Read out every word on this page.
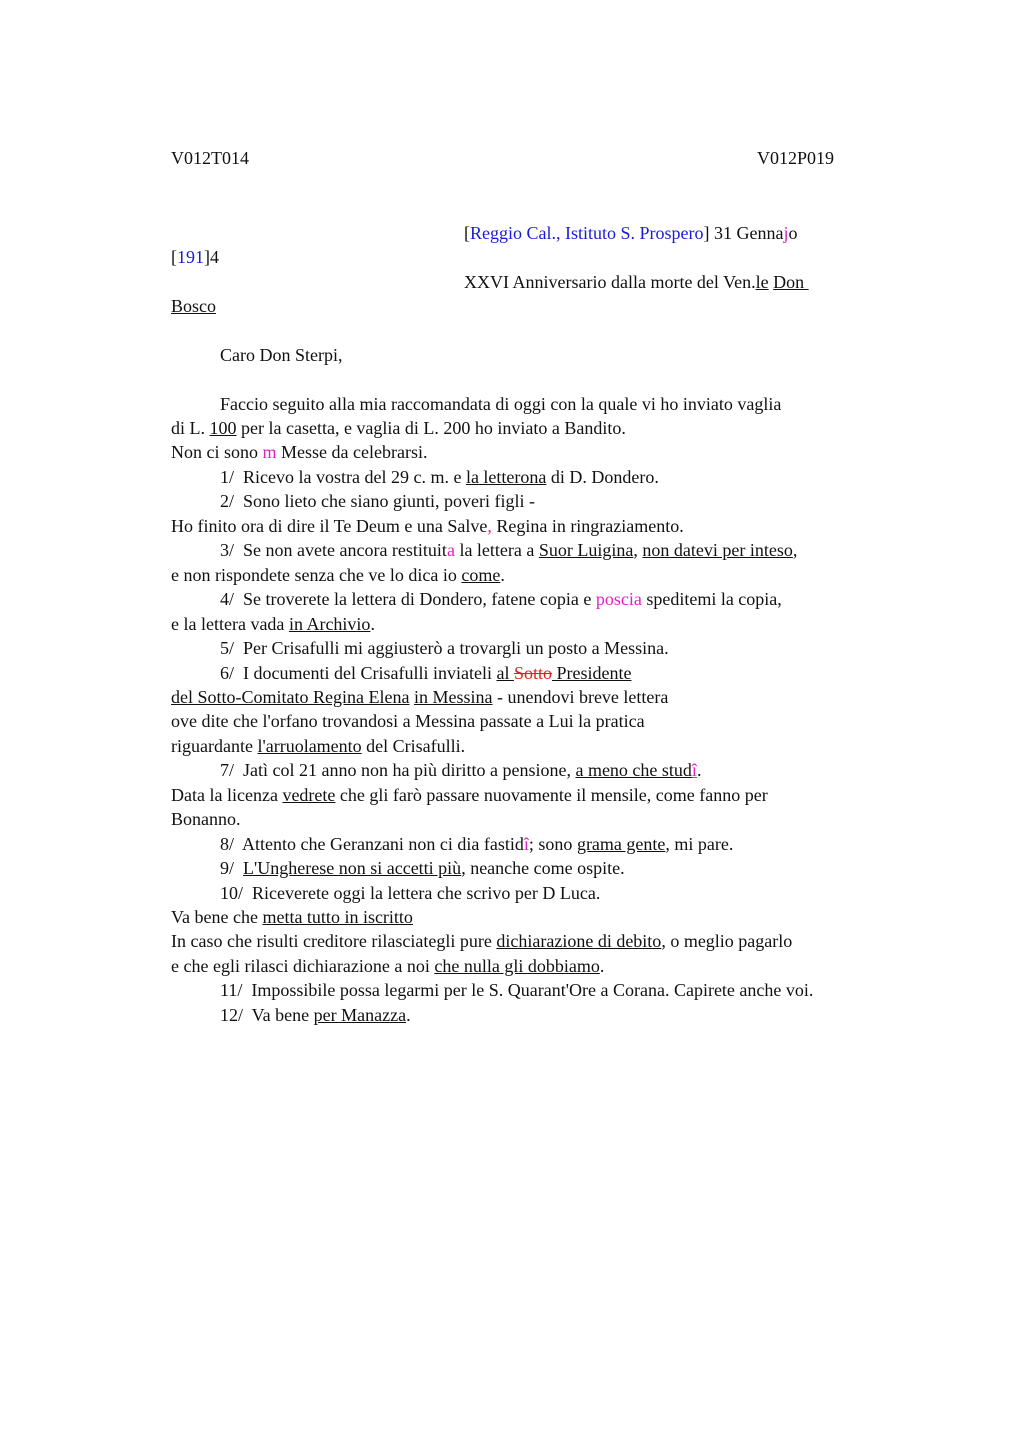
V012T014	V012P019
[Reggio Cal., Istituto S. Prospero] 31 Gennajo
[191]4
XXVI Anniversario dalla morte del Ven.le Don
Bosco
Caro Don Sterpi,
Faccio seguito alla mia raccomandata di oggi con la quale vi ho inviato vaglia
di L. 100 per la casetta, e vaglia di L. 200 ho inviato a Bandito.
Non ci sono m Messe da celebrarsi.
1/  Ricevo la vostra del 29 c. m. e la letterona di D. Dondero.
2/  Sono lieto che siano giunti, poveri figli -
Ho finito ora di dire il Te Deum e una Salve, Regina in ringraziamento.
3/  Se non avete ancora restituita la lettera a Suor Luigina, non datevi per inteso,
e non rispondete senza che ve lo dica io come.
4/  Se troverete la lettera di Dondero, fatene copia e poscia speditemi la copia,
e la lettera vada in Archivio.
5/  Per Crisafulli mi aggiusterò a trovargli un posto a Messina.
6/  I documenti del Crisafulli inviateli al Sotto Presidente
del Sotto-Comitato Regina Elena in Messina - unendovi breve lettera
ove dite che l'orfano trovandosi a Messina passate a Lui la pratica
riguardante l'arruolamento del Crisafulli.
7/  Jatì col 21 anno non ha più diritto a pensione, a meno che studî.
Data la licenza vedrete che gli farò passare nuovamente il mensile, come fanno per
Bonanno.
8/  Attento che Geranzani non ci dia fastidî; sono grama gente, mi pare.
9/  L'Ungherese non si accetti più, neanche come ospite.
10/  Riceverete oggi la lettera che scrivo per D Luca.
Va bene che metta tutto in iscritto
In caso che risulti creditore rilasciategli pure dichiarazione di debito, o meglio pagarlo
e che egli rilasci dichiarazione a noi che nulla gli dobbiamo.
11/  Impossibile possa legarmi per le S. Quarant'Ore a Corana. Capirete anche voi.
12/  Va bene per Manazza.
